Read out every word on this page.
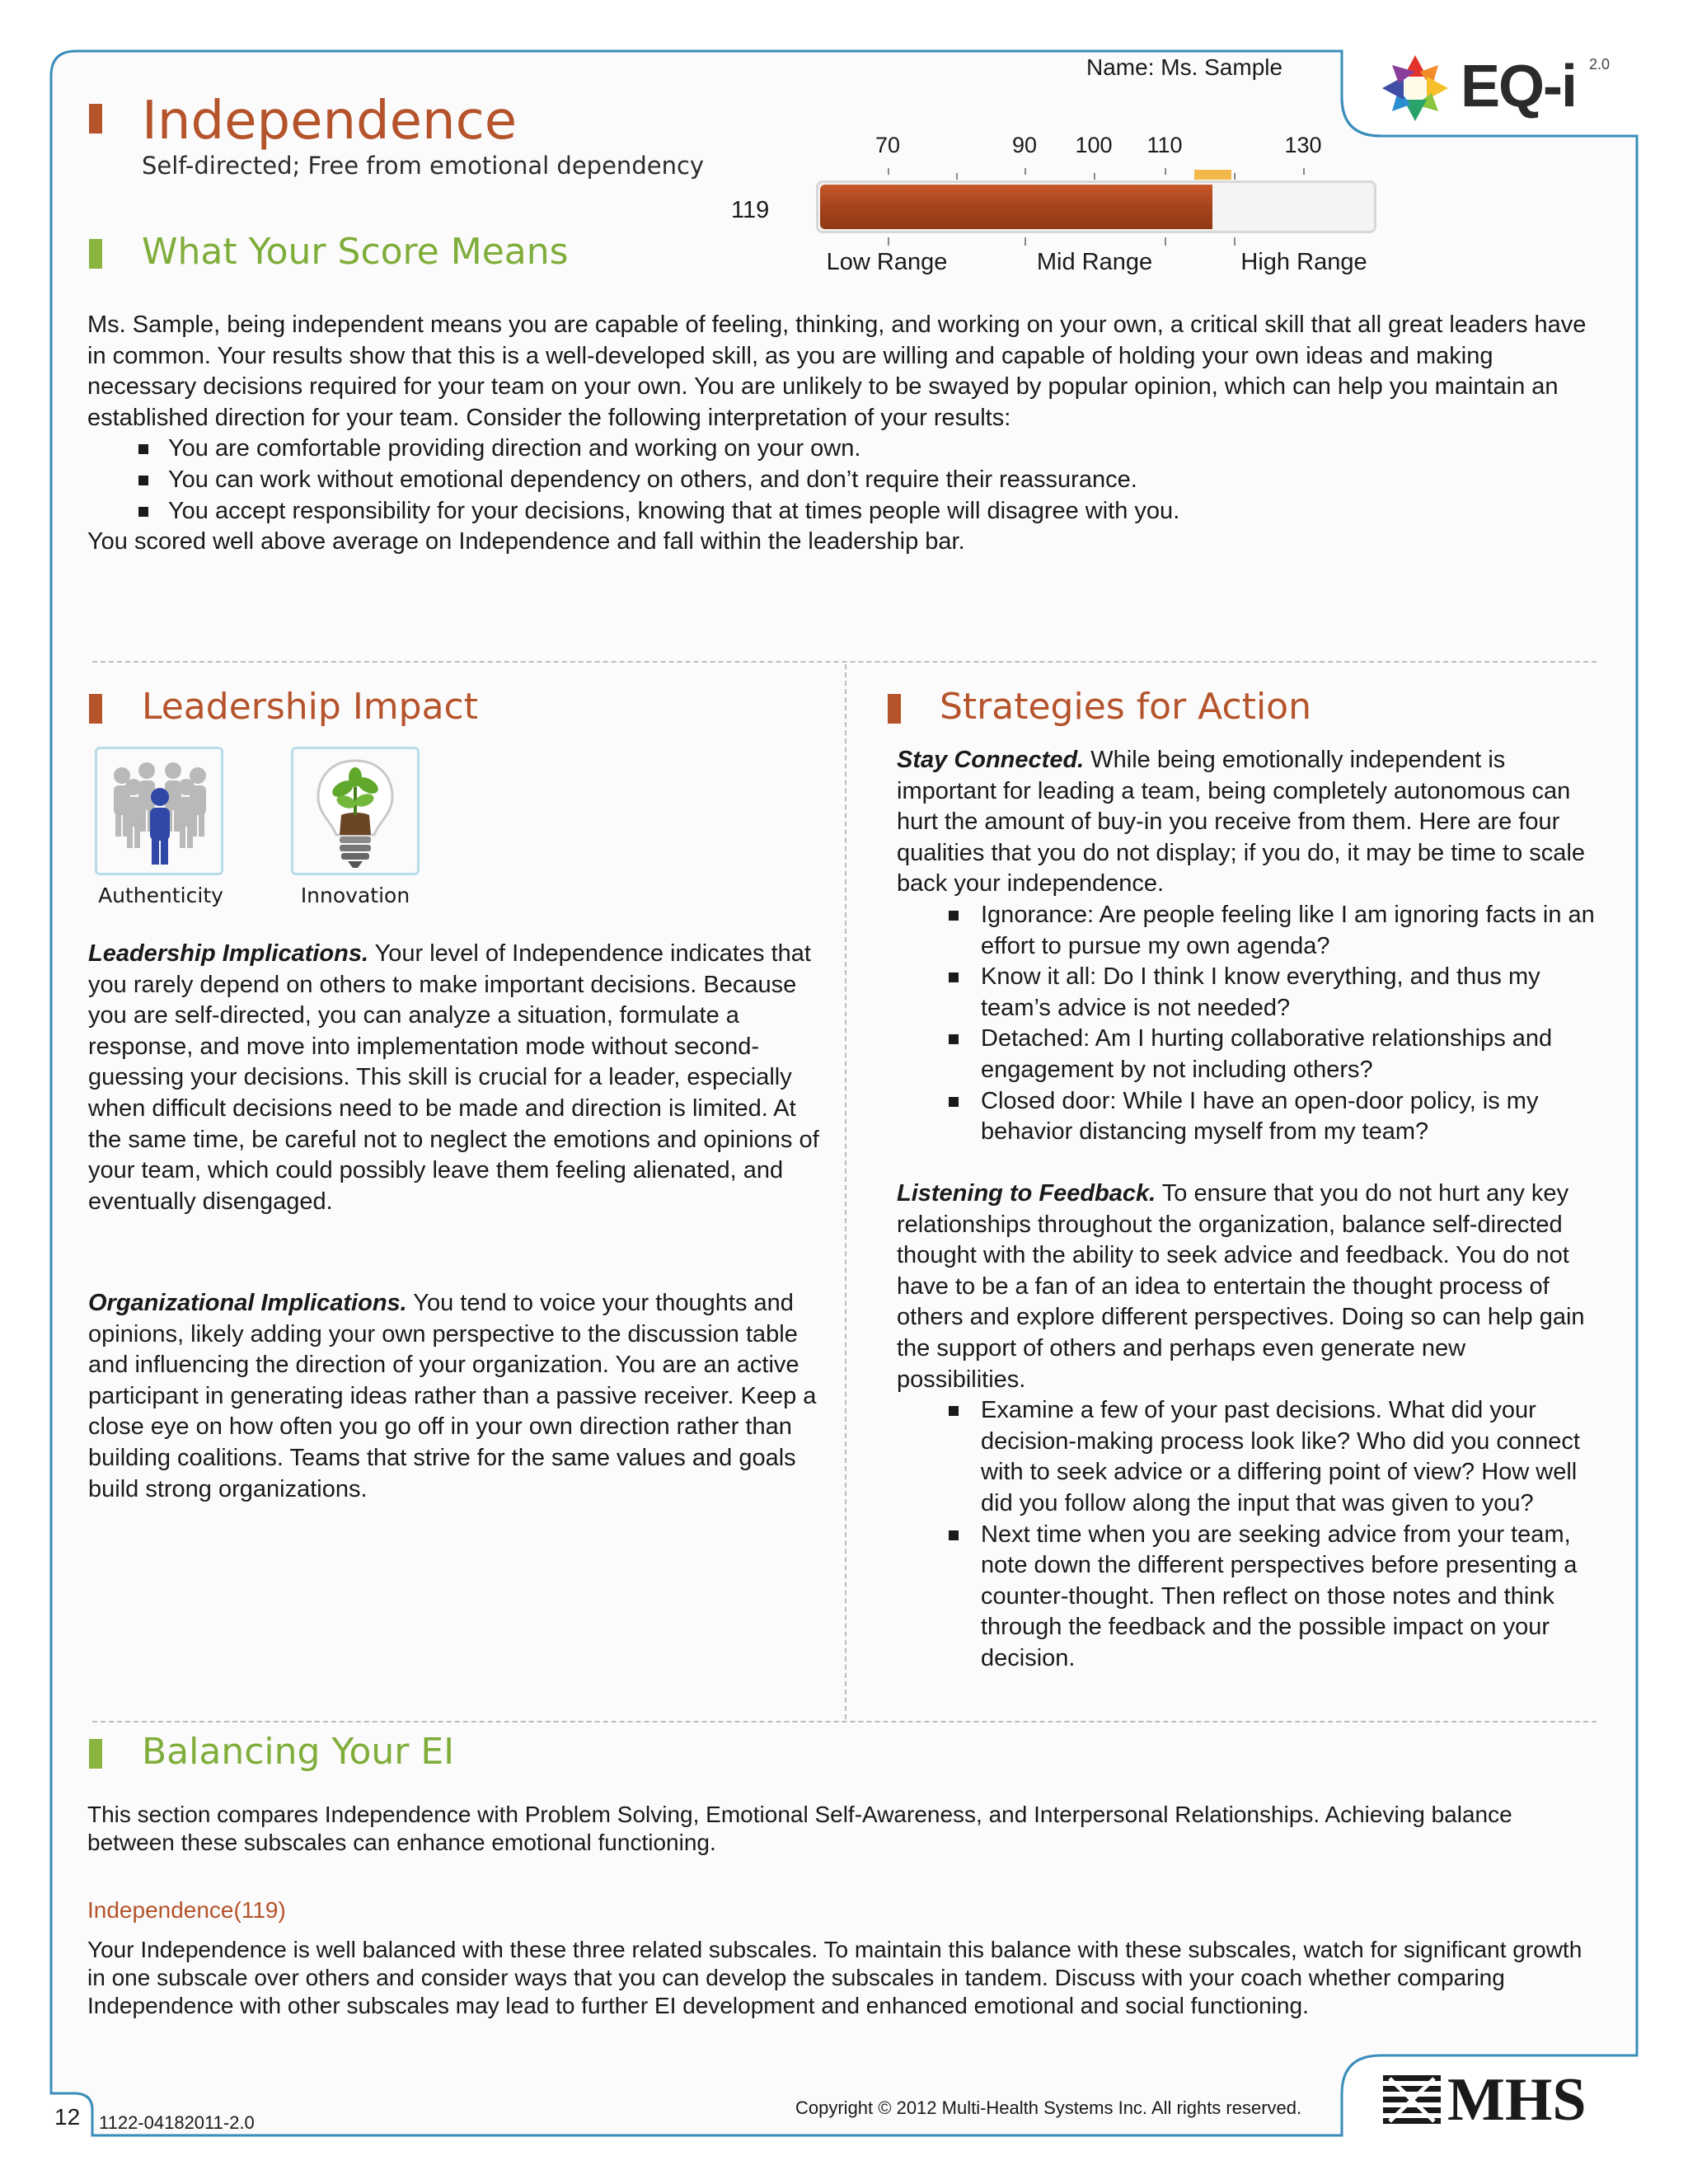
Name: Ms. Sample	EQ-i 2.0
Independence
Self-directed; Free from emotional dependency
70	90 100 110	130
119
Low Range	Mid Range	High Range
What Your Score Means
Ms. Sample, being independent means you are capable of feeling, thinking, and working on your own, a critical skill that all great leaders have in common. Your results show that this is a well-developed skill, as you are willing and capable of holding your own ideas and making necessary decisions required for your team on your own. You are unlikely to be swayed by popular opinion, which can help you maintain an established direction for your team. Consider the following interpretation of your results:
You are comfortable providing direction and working on your own.
You can work without emotional dependency on others, and don’t require their reassurance.
You accept responsibility for your decisions, knowing that at times people will disagree with you.
You scored well above average on Independence and fall within the leadership bar.
Leadership Impact
Authenticity	Innovation
Leadership Implications. Your level of Independence indicates that you rarely depend on others to make important decisions. Because you are self-directed, you can analyze a situation, formulate a response, and move into implementation mode without second-guessing your decisions. This skill is crucial for a leader, especially when difficult decisions need to be made and direction is limited. At the same time, be careful not to neglect the emotions and opinions of your team, which could possibly leave them feeling alienated, and eventually disengaged.
Organizational Implications. You tend to voice your thoughts and opinions, likely adding your own perspective to the discussion table and influencing the direction of your organization. You are an active participant in generating ideas rather than a passive receiver. Keep a close eye on how often you go off in your own direction rather than building coalitions. Teams that strive for the same values and goals build strong organizations.
Strategies for Action
Stay Connected. While being emotionally independent is important for leading a team, being completely autonomous can hurt the amount of buy-in you receive from them. Here are four qualities that you do not display; if you do, it may be time to scale back your independence.
Ignorance: Are people feeling like I am ignoring facts in an effort to pursue my own agenda?
Know it all: Do I think I know everything, and thus my team’s advice is not needed?
Detached: Am I hurting collaborative relationships and engagement by not including others?
Closed door: While I have an open-door policy, is my behavior distancing myself from my team?
Listening to Feedback. To ensure that you do not hurt any key relationships throughout the organization, balance self-directed thought with the ability to seek advice and feedback. You do not have to be a fan of an idea to entertain the thought process of others and explore different perspectives. Doing so can help gain the support of others and perhaps even generate new possibilities.
Examine a few of your past decisions. What did your decision-making process look like? Who did you connect with to seek advice or a differing point of view? How well did you follow along the input that was given to you?
Next time when you are seeking advice from your team, note down the different perspectives before presenting a counter-thought. Then reflect on those notes and think through the feedback and the possible impact on your decision.
Balancing Your EI
This section compares Independence with Problem Solving, Emotional Self-Awareness, and Interpersonal Relationships. Achieving balance between these subscales can enhance emotional functioning.
Independence(119)
Your Independence is well balanced with these three related subscales. To maintain this balance with these subscales, watch for significant growth in one subscale over others and consider ways that you can develop the subscales in tandem. Discuss with your coach whether comparing Independence with other subscales may lead to further EI development and enhanced emotional and social functioning.
12 1122-04182011-2.0
Copyright © 2012 Multi-Health Systems Inc. All rights reserved. MHS
